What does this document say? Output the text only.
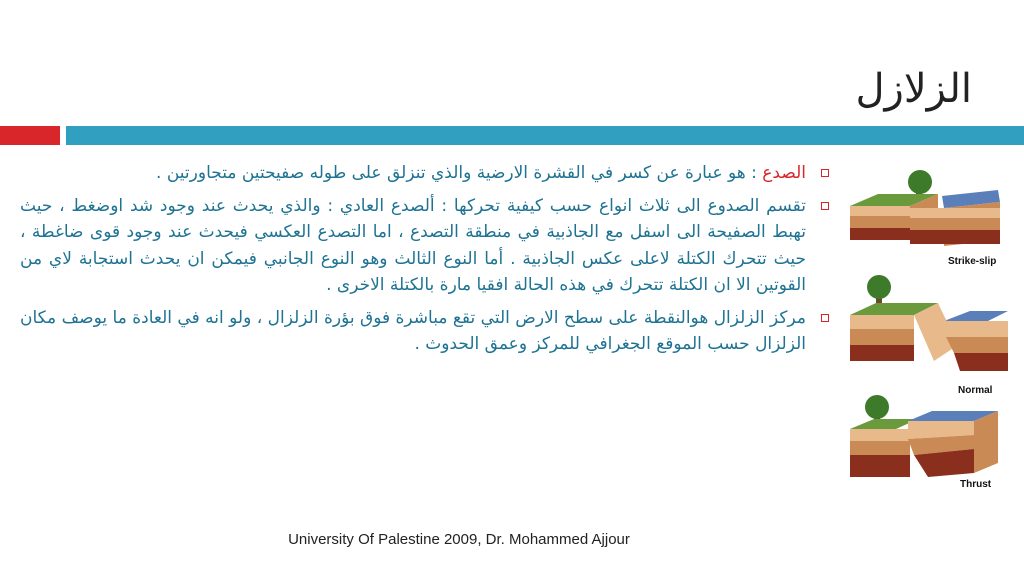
الزلازل
الصدع : هو عبارة عن كسر في القشرة الارضية والذي تنزلق على طوله صفيحتين متجاورتين .
تقسم الصدوع الى ثلاث انواع حسب كيفية تحركها : ألصدع العادي : والذي يحدث عند وجود شد اوضغط ، حيث تهبط الصفيحة الى اسفل مع الجاذبية في منطقة التصدع ، اما التصدع العكسي فيحدث عند وجود قوى ضاغطة ، حيث تتحرك الكتلة لاعلى عكس الجاذبية . أما النوع الثالث وهو النوع الجانبي فيمكن ان يحدث استجابة لاي من القوتين الا ان الكتلة تتحرك في هذه الحالة افقيا مارة بالكتلة الاخرى .
مركز الزلزال هوالنقطة على سطح الارض التي تقع مباشرة فوق بؤرة الزلزال ، ولو انه في العادة ما يوصف مكان الزلزال حسب الموقع الجغرافي للمركز وعمق الحدوث .
Strike-slip
Normal
Thrust
University Of Palestine 2009, Dr. Mohammed Ajjour
